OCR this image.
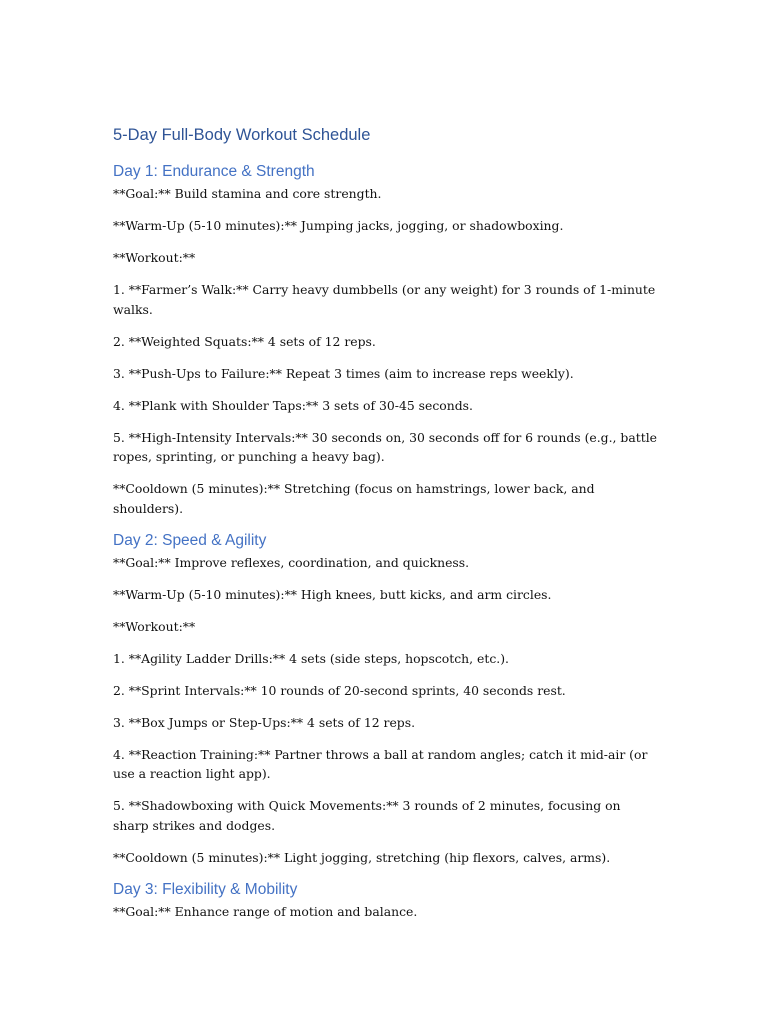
5-Day Full-Body Workout Schedule
Day 1: Endurance & Strength

**Goal:** Build stamina and core strength.

**Warm-Up (5-10 minutes):** Jumping jacks, jogging, or shadowboxing.

**Workout:**

1. **Farmer’s Walk:** Carry heavy dumbbells (or any weight) for 3 rounds of 1-minute walks.

2. **Weighted Squats:** 4 sets of 12 reps.

3. **Push-Ups to Failure:** Repeat 3 times (aim to increase reps weekly).

4. **Plank with Shoulder Taps:** 3 sets of 30-45 seconds.

5. **High-Intensity Intervals:** 30 seconds on, 30 seconds off for 6 rounds (e.g., battle ropes, sprinting, or punching a heavy bag).

**Cooldown (5 minutes):** Stretching (focus on hamstrings, lower back, and shoulders).

Day 2: Speed & Agility

**Goal:** Improve reflexes, coordination, and quickness.

**Warm-Up (5-10 minutes):** High knees, butt kicks, and arm circles.

**Workout:**

1. **Agility Ladder Drills:** 4 sets (side steps, hopscotch, etc.).

2. **Sprint Intervals:** 10 rounds of 20-second sprints, 40 seconds rest.

3. **Box Jumps or Step-Ups:** 4 sets of 12 reps.

4. **Reaction Training:** Partner throws a ball at random angles; catch it mid-air (or use a reaction light app).

5. **Shadowboxing with Quick Movements:** 3 rounds of 2 minutes, focusing on sharp strikes and dodges.

**Cooldown (5 minutes):** Light jogging, stretching (hip flexors, calves, arms).

Day 3: Flexibility & Mobility

**Goal:** Enhance range of motion and balance.
